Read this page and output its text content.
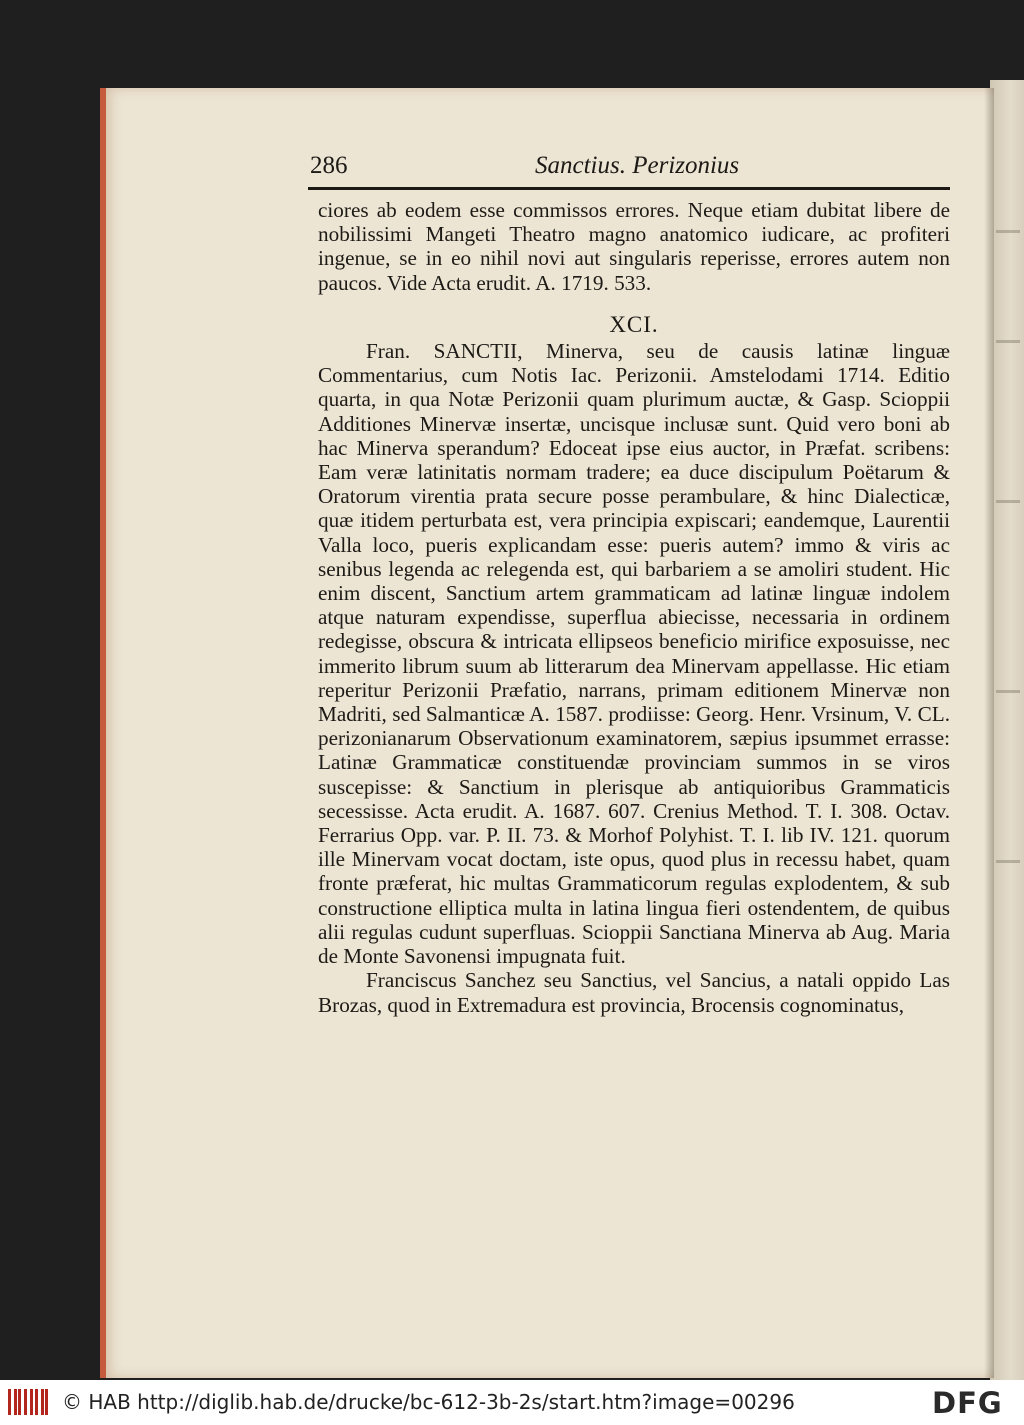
286	Sanctius. Perizonius

ciores ab eodem esse commissos errores. Neque etiam dubitat libere de nobilissimi Mangeti Theatro magno anatomico iudicare, ac profiteri ingenue, se in eo nihil novi aut singularis reperisse, errores autem non paucos. Vide Acta erudit. A. 1719. 533.

XCI.

Fran. SANCTII, Minerva, seu de causis latinæ linguæ Commentarius, cum Notis Iac. Perizonii. Amstelodami 1714. Editio quarta, in qua Notæ Perizonii quam plurimum auctæ, & Gasp. Scioppii Additiones Minervæ insertæ, uncisque inclusæ sunt. Quid vero boni ab hac Minerva sperandum? Edoceat ipse eius auctor, in Præfat. scribens: Eam veræ latinitatis normam tradere; ea duce discipulum Poëtarum & Oratorum virentia prata secure posse perambulare, & hinc Dialecticæ, quæ itidem perturbata est, vera principia expiscari; eandemque, Laurentii Valla loco, pueris explicandam esse: pueris autem? immo & viris ac senibus legenda ac relegenda est, qui barbariem a se amoliri student. Hic enim discent, Sanctium artem grammaticam ad latinæ linguæ indolem atque naturam expendisse, superflua abiecisse, necessaria in ordinem redegisse, obscura & intricata ellipseos beneficio mirifice exposuisse, nec immerito librum suum ab litterarum dea Minervam appellasse. Hic etiam reperitur Perizonii Præfatio, narrans, primam editionem Minervæ non Madriti, sed Salmanticæ A. 1587. prodiisse: Georg. Henr. Vrsinum, V. CL. perizonianarum Observationum examinatorem, sæpius ipsummet errasse: Latinæ Grammaticæ constituendæ provinciam summos in se viros suscepisse: & Sanctium in plerisque ab antiquioribus Grammaticis secessisse. Acta erudit. A. 1687. 607. Crenius Method. T. I. 308. Octav. Ferrarius Opp. var. P. II. 73. & Morhof Polyhist. T. I. lib IV. 121. quorum ille Minervam vocat doctam, iste opus, quod plus in recessu habet, quam fronte præferat, hic multas Grammaticorum regulas explodentem, & sub constructione elliptica multa in latina lingua fieri ostendentem, de quibus alii regulas cudunt superfluas. Scioppii Sanctiana Minerva ab Aug. Maria de Monte Savonensi impugnata fuit.

Franciscus Sanchez seu Sanctius, vel Sancius, a natali oppido Las Brozas, quod in Extremadura est provincia, Brocensis cognominatus,

© HAB http://diglib.hab.de/drucke/bc-612-3b-2s/start.htm?image=00296	DFG
